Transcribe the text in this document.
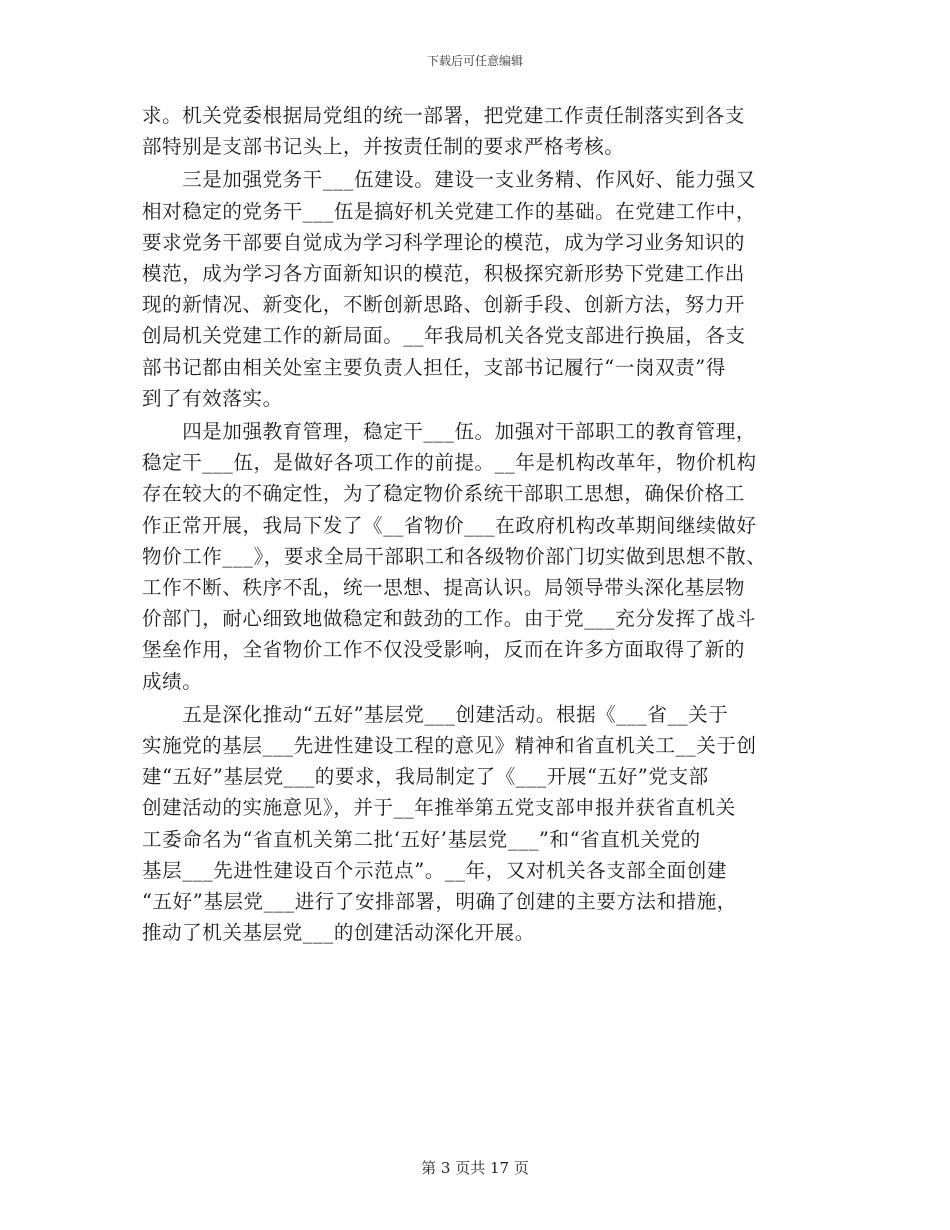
下载后可任意编辑
求。机关党委根据局党组的统一部署，把党建工作责任制落实到各支
部特别是支部书记头上，并按责任制的要求严格考核。
　　三是加强党务干___伍建设。建设一支业务精、作风好、能力强又
相对稳定的党务干___伍是搞好机关党建工作的基础。在党建工作中，
要求党务干部要自觉成为学习科学理论的模范，成为学习业务知识的
模范，成为学习各方面新知识的模范，积极探究新形势下党建工作出
现的新情况、新变化，不断创新思路、创新手段、创新方法，努力开
创局机关党建工作的新局面。__年我局机关各党支部进行换届，各支
部书记都由相关处室主要负责人担任，支部书记履行“一岗双责”得
到了有效落实。
　　四是加强教育管理，稳定干___伍。加强对干部职工的教育管理，
稳定干___伍，是做好各项工作的前提。__年是机构改革年，物价机构
存在较大的不确定性，为了稳定物价系统干部职工思想，确保价格工
作正常开展，我局下发了《__省物价___在政府机构改革期间继续做好
物价工作___》，要求全局干部职工和各级物价部门切实做到思想不散、
工作不断、秩序不乱，统一思想、提高认识。局领导带头深化基层物
价部门，耐心细致地做稳定和鼓劲的工作。由于党___充分发挥了战斗
堡垒作用，全省物价工作不仅没受影响，反而在许多方面取得了新的
成绩。
　　五是深化推动“五好”基层党___创建活动。根据《___省__关于
实施党的基层___先进性建设工程的意见》精神和省直机关工__关于创
建“五好”基层党___的要求，我局制定了《___开展“五好”党支部
创建活动的实施意见》，并于__年推举第五党支部申报并获省直机关
工委命名为“省直机关第二批‘五好’基层党___”和“省直机关党的
基层___先进性建设百个示范点”。__年，又对机关各支部全面创建
“五好”基层党___进行了安排部署，明确了创建的主要方法和措施，
推动了机关基层党___的创建活动深化开展。
第 3 页共 17 页
